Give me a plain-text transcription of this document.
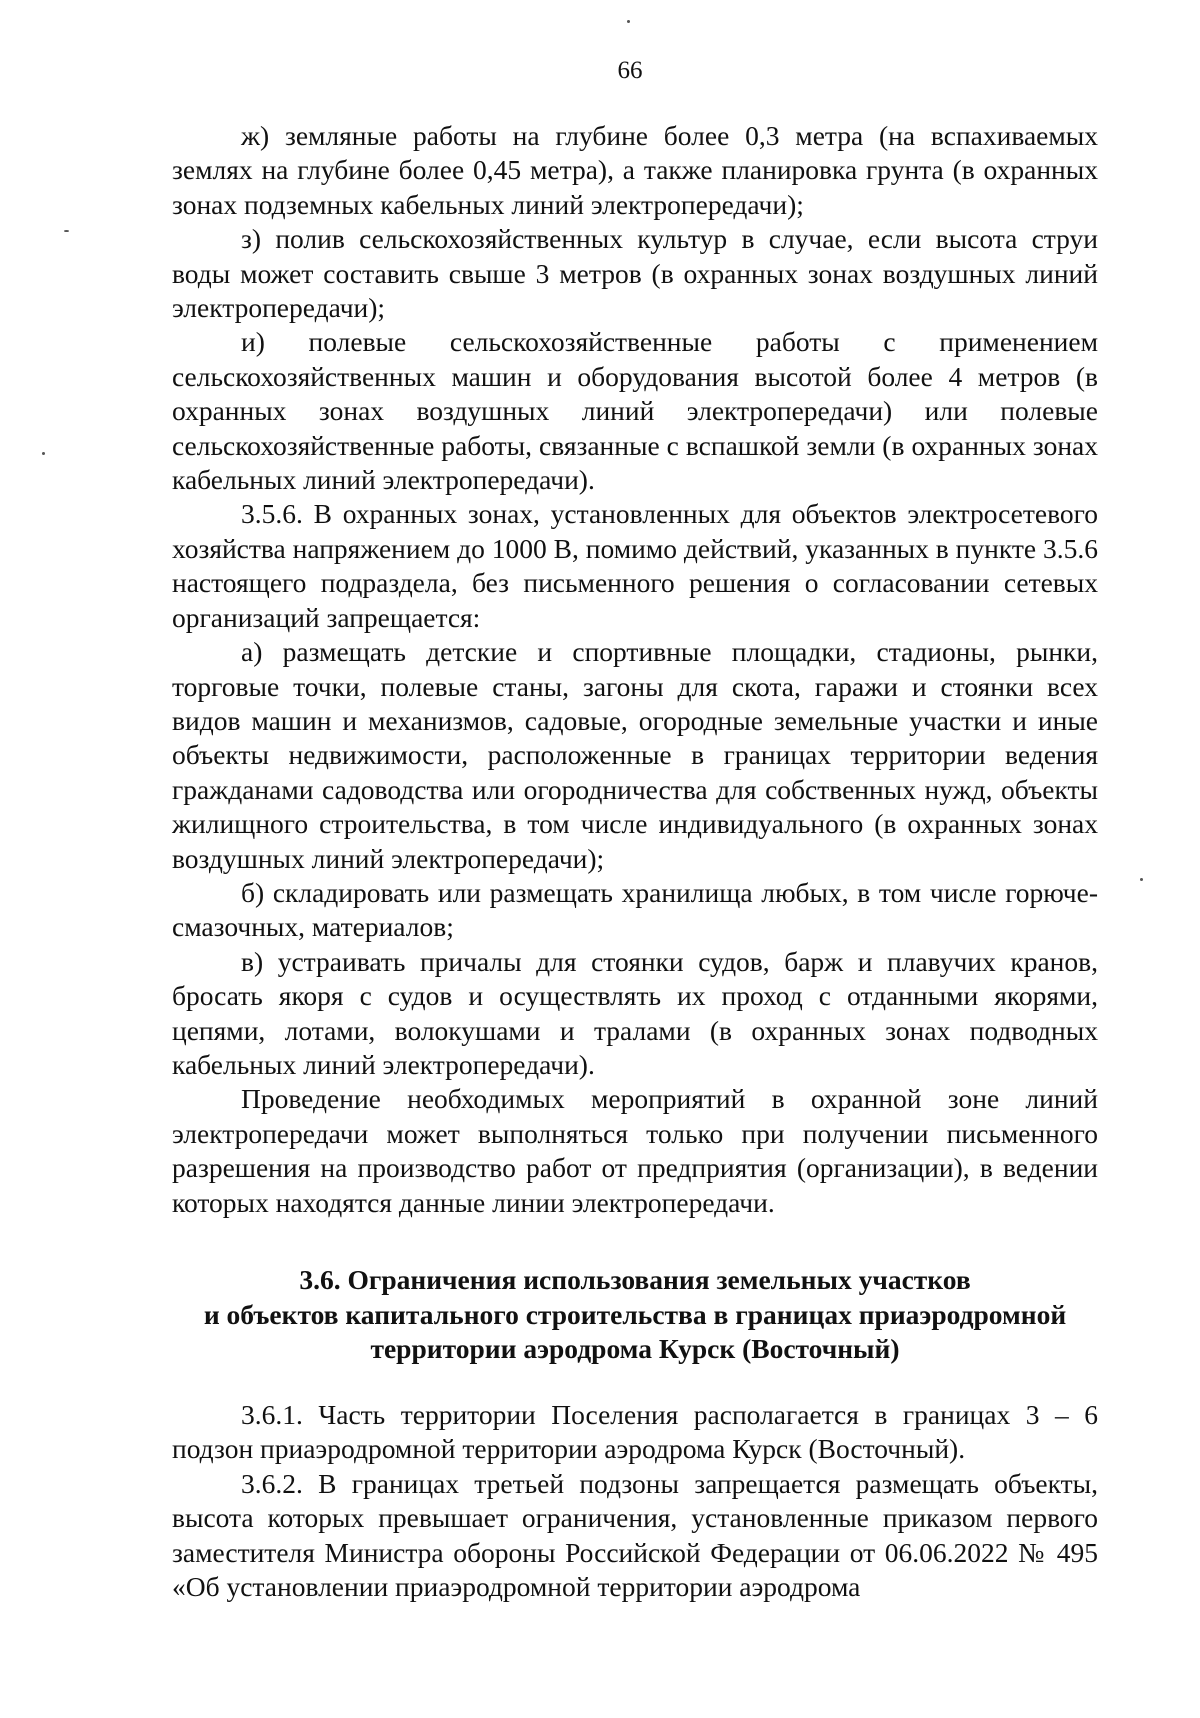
66

ж) земляные работы на глубине более 0,3 метра (на вспахиваемых землях на глубине более 0,45 метра), а также планировка грунта (в охранных зонах подземных кабельных линий электропередачи);

з) полив сельскохозяйственных культур в случае, если высота струи воды может составить свыше 3 метров (в охранных зонах воздушных линий электропередачи);

и) полевые сельскохозяйственные работы с применением сельскохозяйственных машин и оборудования высотой более 4 метров (в охранных зонах воздушных линий электропередачи) или полевые сельскохозяйственные работы, связанные с вспашкой земли (в охранных зонах кабельных линий электропередачи).

3.5.6. В охранных зонах, установленных для объектов электросетевого хозяйства напряжением до 1000 В, помимо действий, указанных в пункте 3.5.6 настоящего подраздела, без письменного решения о согласовании сетевых организаций запрещается:

а) размещать детские и спортивные площадки, стадионы, рынки, торговые точки, полевые станы, загоны для скота, гаражи и стоянки всех видов машин и механизмов, садовые, огородные земельные участки и иные объекты недвижимости, расположенные в границах территории ведения гражданами садоводства или огородничества для собственных нужд, объекты жилищного строительства, в том числе индивидуального (в охранных зонах воздушных линий электропередачи);

б) складировать или размещать хранилища любых, в том числе горюче-смазочных, материалов;

в) устраивать причалы для стоянки судов, барж и плавучих кранов, бросать якоря с судов и осуществлять их проход с отданными якорями, цепями, лотами, волокушами и тралами (в охранных зонах подводных кабельных линий электропередачи).

Проведение необходимых мероприятий в охранной зоне линий электропередачи может выполняться только при получении письменного разрешения на производство работ от предприятия (организации), в ведении которых находятся данные линии электропередачи.

3.6. Ограничения использования земельных участков
и объектов капитального строительства в границах приаэродромной
территории аэродрома Курск (Восточный)

3.6.1. Часть территории Поселения располагается в границах 3 – 6 подзон приаэродромной территории аэродрома Курск (Восточный).

3.6.2. В границах третьей подзоны запрещается размещать объекты, высота которых превышает ограничения, установленные приказом первого заместителя Министра обороны Российской Федерации от 06.06.2022 № 495 «Об установлении приаэродромной территории аэродрома
